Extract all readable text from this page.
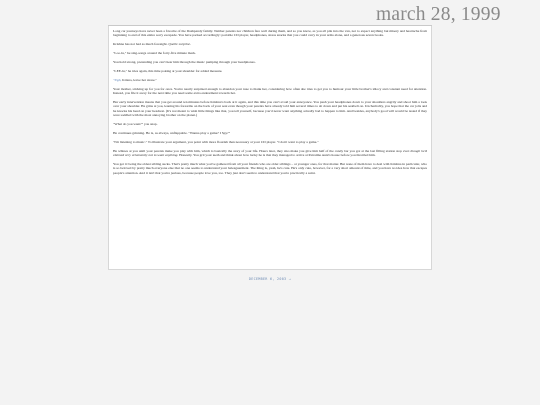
march 28, 1999

Long car journeys have never been a favorite of the Dashpandy family. Neither parents nor children fare well during them, and so you know, as you all pile into the van, not to expect anything but misery and heartache from beginning to end of this entire sorry escapade. You have packed accordingly: portable CD player, headphones, stress snacks that you could carry in your arms alone, and a generous seven books.

Krishna has not had as much foresight. Quelle surprise.

"Loo-lu," he sing-songs around the forty-five minute mark.

You hold strong, pretending you can't hear him through the music pumping through your headphones.

"LEE-lu," he tries again, this time poking at your shoulder for added measure.

"Ugh, Krisna, leave her alone."

Your mother, sticking up for you for once. You're nearly surprised enough to abandon your ruse to thank her, considering how often she tries to get you to humour your little brother's idiocy and constant need for attention. Instead, you file it away for the next time you need some extra endearment towards her.

Her early intervention means that you get around ten minutes before Krishna's back at it again, and this time you can't avoid your annoyance. You push your headphones down to your shoulders angrily and shoot him a look over your shoulder. He grins at you, leaning his forearms on the back of your seat even though your parents have already told him several times to sit down and put his seatbelt on. Uncharitably, you hope that the car jolts and he knocks his head on your headrest. (It's not meant to wish little things like that, you tell yourself, because you'd never want anything actually bad to happen to him. And besides, anybody's good will would be tested if they were saddled with the most annoying brother on the planet.)

"What do you want?" you snap.

He continues grinning. He is, as always, unflappable. "Wanna play a game? I Spy?"

"I'm listening to music." To illustrate your argument, you point with more flourish than necessary at your CD player. "I don't want to play a game."

He whines at you until your parents make you play with him, which is basically the story of your life. Hours later, they also make you give him half of the candy bar you got at the last filling station stop even though he'd claimed very vehemently not to want anything. Honestly. You grit your teeth and think about how lucky he is that they managed to arrive at Patraima Aunt's house before you throttled him.

You get it: being the oldest sibling sucks. That's pretty much what you've gathered from all your friends who are older siblings – or younger ones, for that matter. But none of them have to deal with Krishna in particular, who is so beloved by pretty much everyone else that no one seems to understand your beleaguerment. The thing is, yeah, he's cute. He's only cute, however, for a very short amount of time, and you have no idea how that escapes people's attention. And it isn't that you're jealous, because people love you, too. They just don't seem to understand that you're practically a saint.

DECEMBER 6, 2003 →
